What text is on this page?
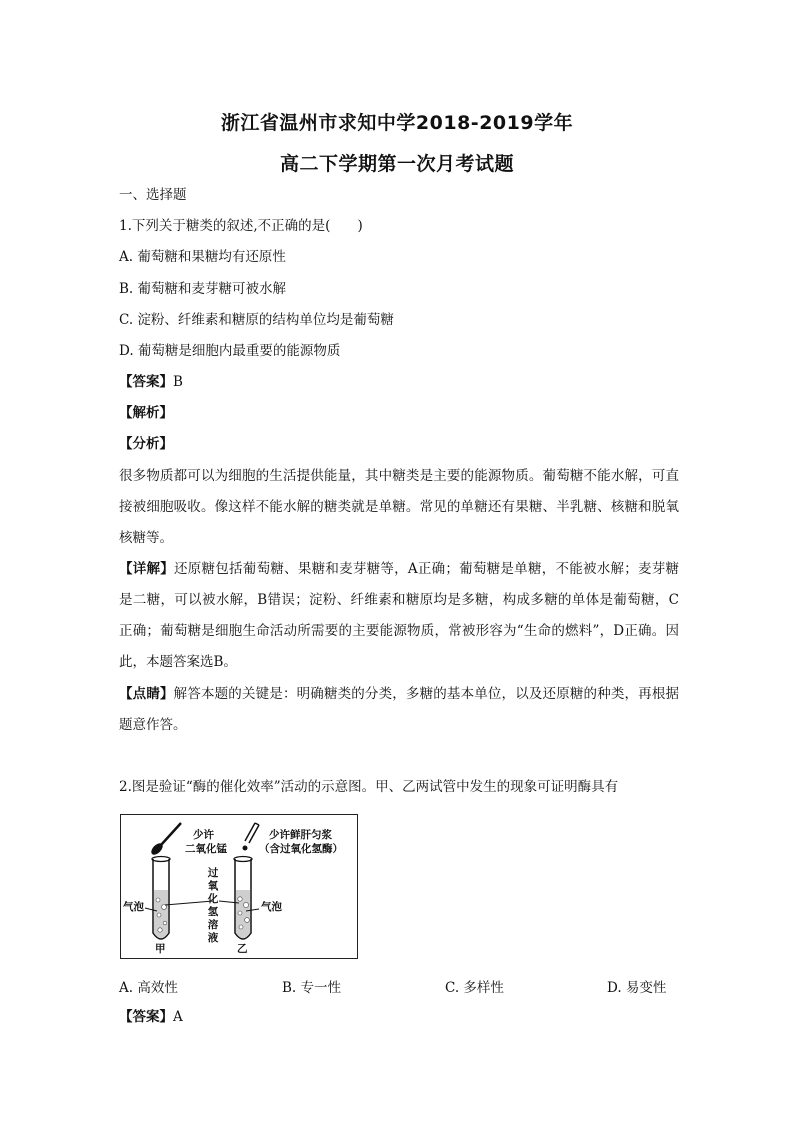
浙江省温州市求知中学2018-2019学年
高二下学期第一次月考试题
一、选择题
1.下列关于糖类的叙述,不正确的是(　　)
A. 葡萄糖和果糖均有还原性
B. 葡萄糖和麦芽糖可被水解
C. 淀粉、纤维素和糖原的结构单位均是葡萄糖
D. 葡萄糖是细胞内最重要的能源物质
【答案】B
【解析】
【分析】
很多物质都可以为细胞的生活提供能量，其中糖类是主要的能源物质。葡萄糖不能水解，可直接被细胞吸收。像这样不能水解的糖类就是单糖。常见的单糖还有果糖、半乳糖、核糖和脱氧核糖等。
【详解】还原糖包括葡萄糖、果糖和麦芽糖等，A正确；葡萄糖是单糖，不能被水解；麦芽糖是二糖，可以被水解，B错误；淀粉、纤维素和糖原均是多糖，构成多糖的单体是葡萄糖，C正确；葡萄糖是细胞生命活动所需要的主要能源物质，常被形容为“生命的燃料”，D正确。因此，本题答案选B。
【点睛】解答本题的关键是：明确糖类的分类，多糖的基本单位，以及还原糖的种类，再根据题意作答。
2.图是验证“酶的催化效率”活动的示意图。甲、乙两试管中发生的现象可证明酶具有
少许
二氧化锰
少许鲜肝匀浆
（含过氧化氢酶）
过
氧
化
氢
溶
液
气泡	气泡
甲	乙
A. 高效性	B. 专一性	C. 多样性	D. 易变性
【答案】A
